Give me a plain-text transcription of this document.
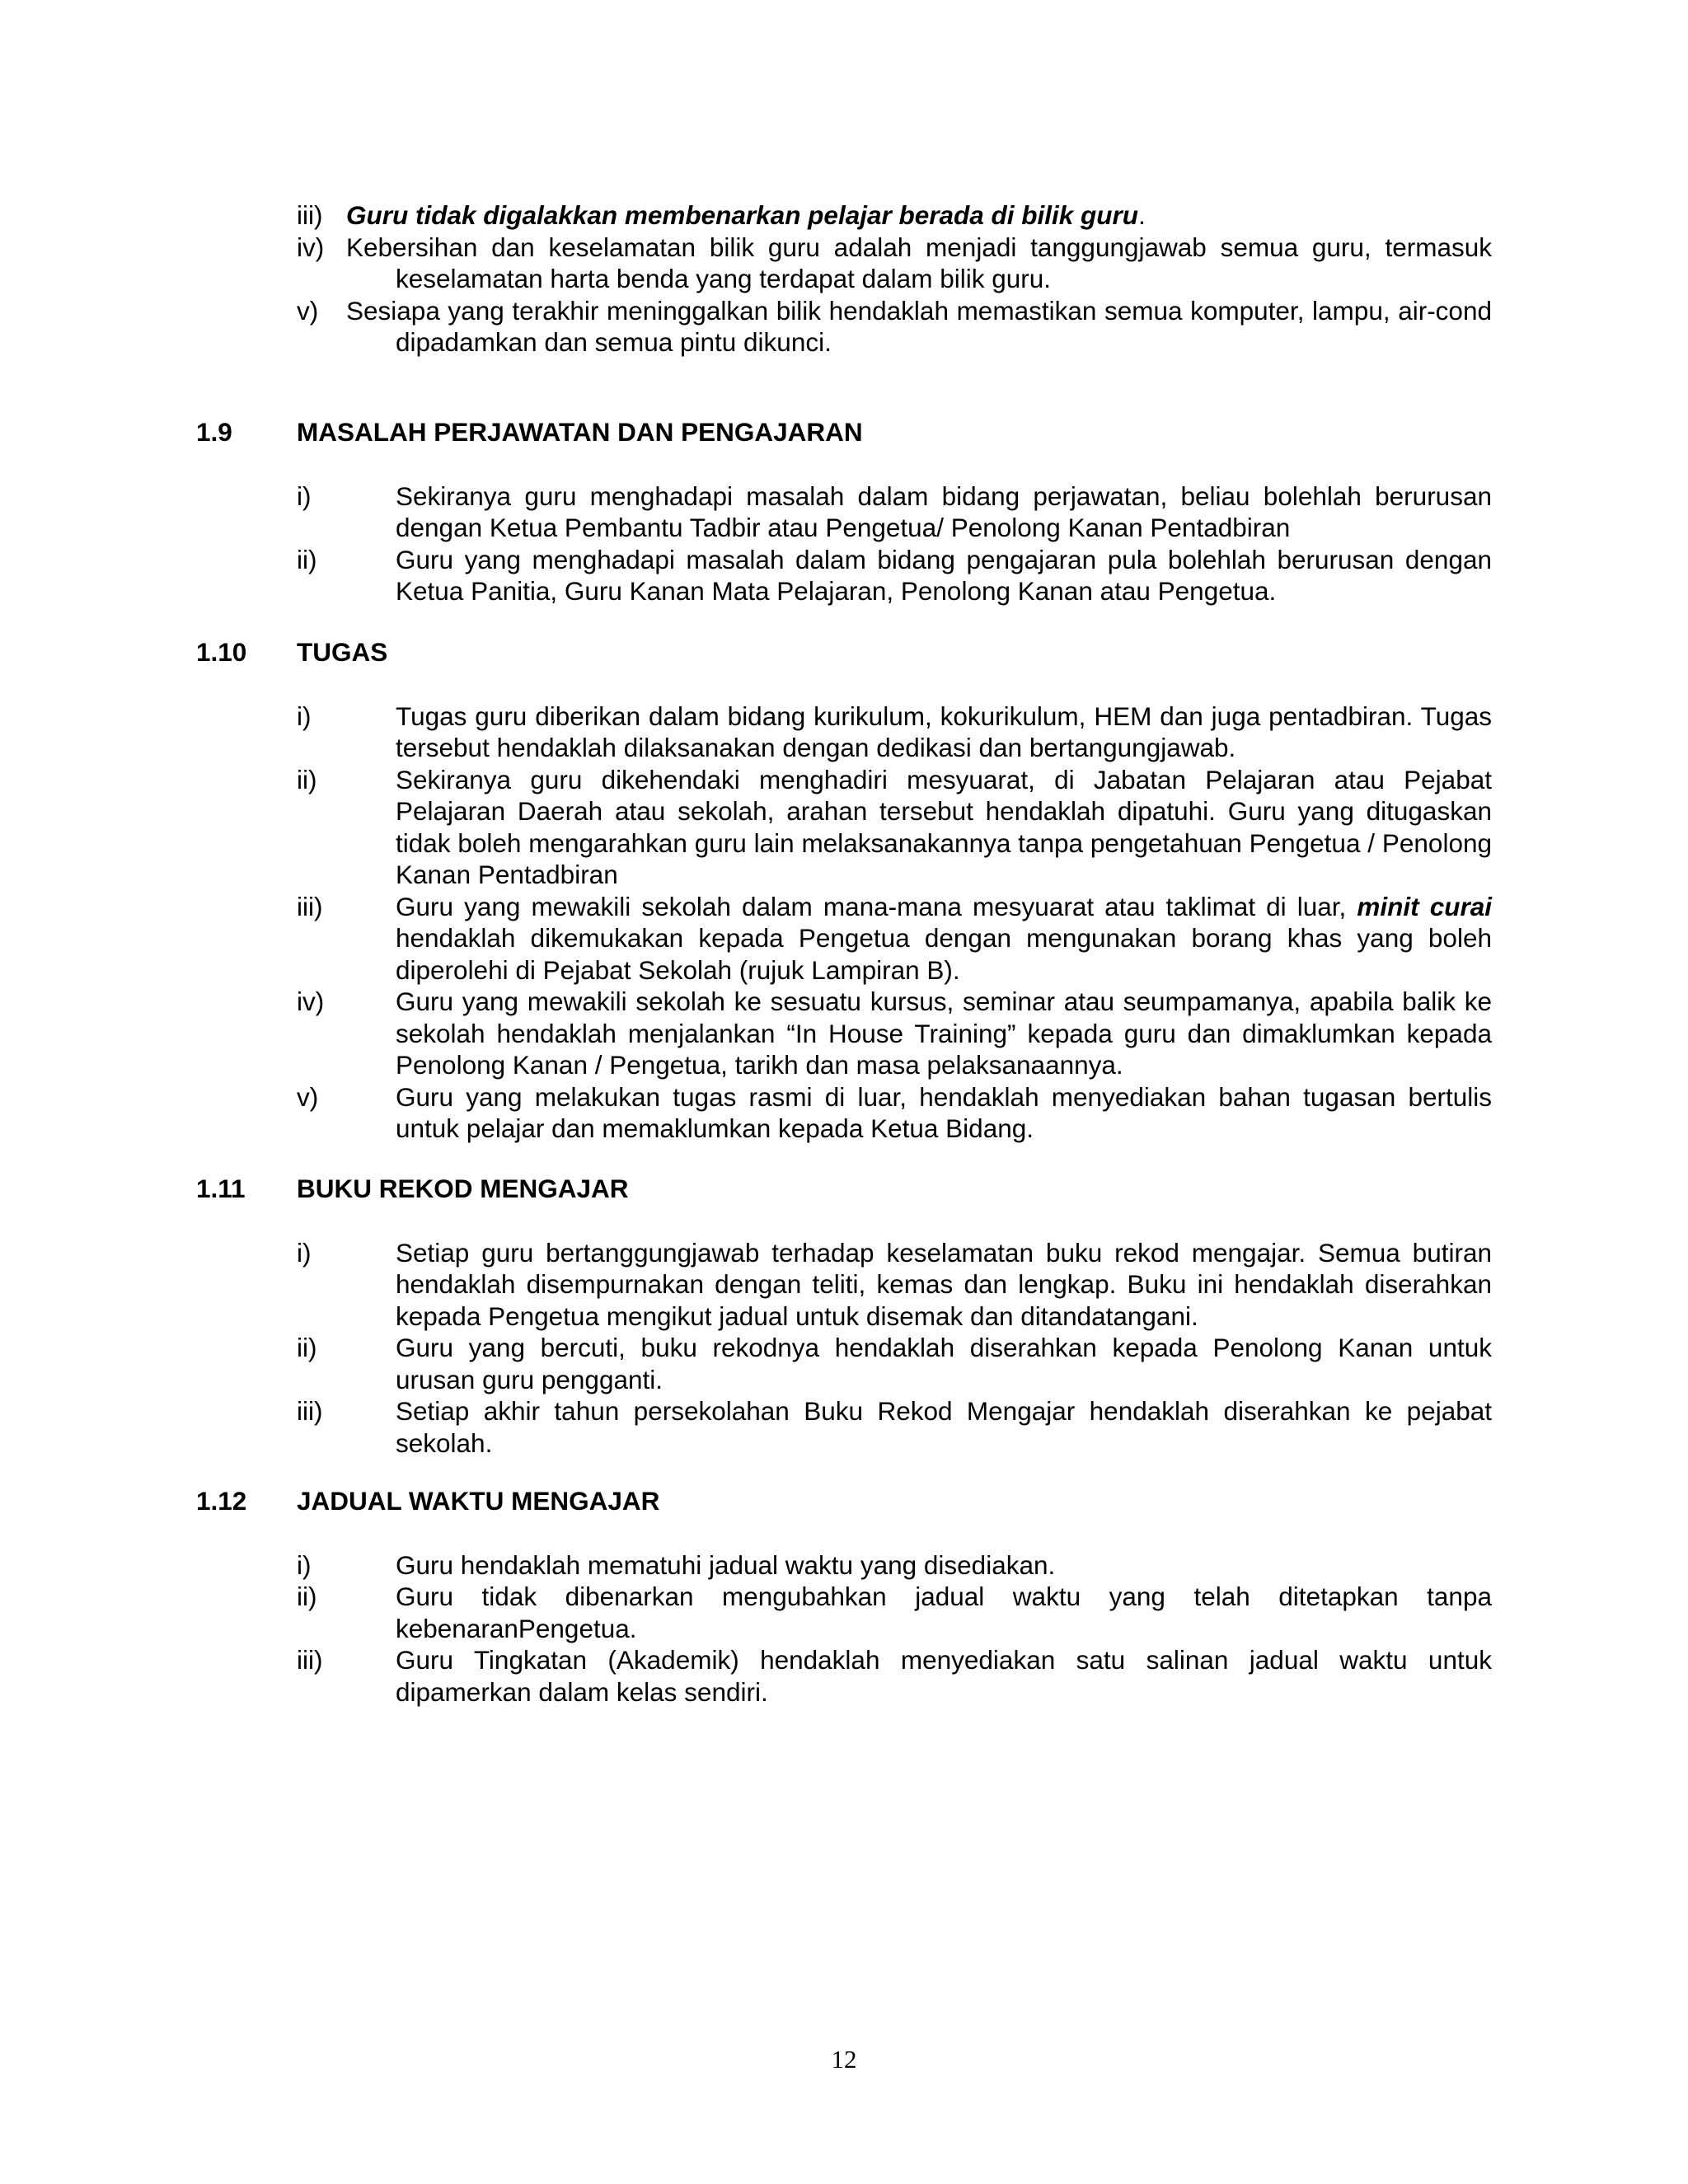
iii) Guru tidak digalakkan membenarkan pelajar berada di bilik guru.
iv) Kebersihan dan keselamatan bilik guru adalah menjadi tanggungjawab semua guru, termasuk keselamatan harta benda yang terdapat dalam bilik guru.
v) Sesiapa yang terakhir meninggalkan bilik hendaklah memastikan semua komputer, lampu, air-cond dipadamkan dan semua pintu dikunci.
1.9 MASALAH PERJAWATAN DAN PENGAJARAN
i)	Sekiranya guru menghadapi masalah dalam bidang perjawatan, beliau bolehlah berurusan dengan Ketua Pembantu Tadbir atau Pengetua/ Penolong Kanan Pentadbiran
ii)	Guru yang menghadapi masalah dalam bidang pengajaran pula bolehlah berurusan dengan Ketua Panitia, Guru Kanan Mata Pelajaran, Penolong Kanan atau Pengetua.
1.10 TUGAS
i)	Tugas guru diberikan dalam bidang kurikulum, kokurikulum, HEM dan juga pentadbiran. Tugas tersebut hendaklah dilaksanakan dengan dedikasi dan bertangungjawab.
ii)	Sekiranya guru dikehendaki menghadiri mesyuarat, di Jabatan Pelajaran atau Pejabat Pelajaran Daerah atau sekolah, arahan tersebut hendaklah dipatuhi. Guru yang ditugaskan tidak boleh mengarahkan guru lain melaksanakannya tanpa pengetahuan Pengetua / Penolong Kanan Pentadbiran
iii)	Guru yang mewakili sekolah dalam mana-mana mesyuarat atau taklimat di luar, minit curai hendaklah dikemukakan kepada Pengetua dengan mengunakan borang khas yang boleh diperolehi di Pejabat Sekolah (rujuk Lampiran B).
iv)	Guru yang mewakili sekolah ke sesuatu kursus, seminar atau seumpamanya, apabila balik ke sekolah hendaklah menjalankan “In House Training” kepada guru dan dimaklumkan kepada Penolong Kanan / Pengetua, tarikh dan masa pelaksanaannya.
v)	Guru yang melakukan tugas rasmi di luar, hendaklah menyediakan bahan tugasan bertulis untuk pelajar dan memaklumkan kepada Ketua Bidang.
1.11 BUKU REKOD MENGAJAR
i)	Setiap guru bertanggungjawab terhadap keselamatan buku rekod mengajar. Semua butiran hendaklah disempurnakan dengan teliti, kemas dan lengkap. Buku ini hendaklah diserahkan kepada Pengetua mengikut jadual untuk disemak dan ditandatangani.
ii)	Guru yang bercuti, buku rekodnya hendaklah diserahkan kepada Penolong Kanan untuk urusan guru pengganti.
iii)	Setiap akhir tahun persekolahan Buku Rekod Mengajar hendaklah diserahkan ke pejabat sekolah.
1.12 JADUAL WAKTU MENGAJAR
i)	Guru hendaklah mematuhi jadual waktu yang disediakan.
ii)	Guru tidak dibenarkan mengubahkan jadual waktu yang telah ditetapkan tanpa kebenaranPengetua.
iii)	Guru Tingkatan (Akademik) hendaklah menyediakan satu salinan jadual waktu untuk dipamerkan dalam kelas sendiri.
12
